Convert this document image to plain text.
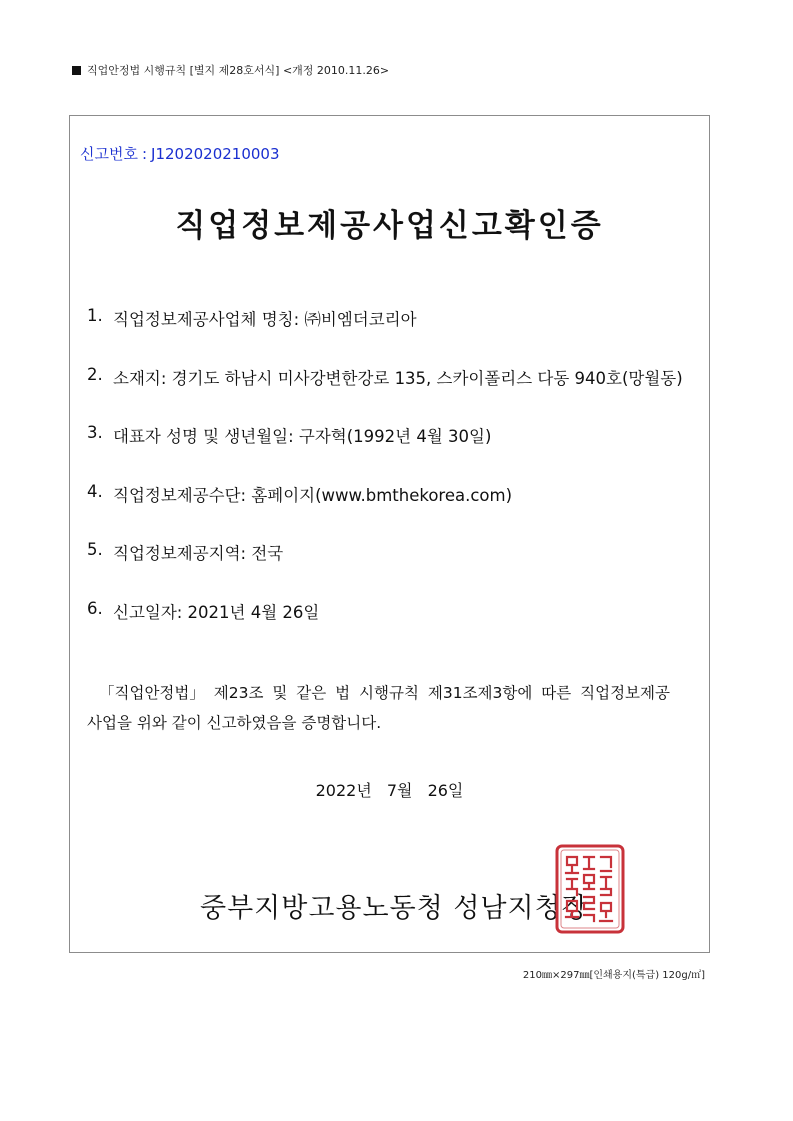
직업안정법 시행규칙 [별지 제28호서식] <개정 2010.11.26>
신고번호 : J1202020210003
직업정보제공사업신고확인증
1. 직업정보제공사업체 명칭: ㈜비엠더코리아
2. 소재지: 경기도 하남시 미사강변한강로 135, 스카이폴리스 다동 940호(망월동)
3. 대표자 성명 및 생년월일: 구자혁(1992년 4월 30일)
4. 직업정보제공수단: 홈페이지(www.bmthekorea.com)
5. 직업정보제공지역: 전국
6. 신고일자: 2021년 4월 26일

「직업안정법」 제23조 및 같은 법 시행규칙 제31조제3항에 따른 직업정보제공

사업을 위와 같이 신고하였음을 증명합니다.

2022년 7월 26일
중부지방고용노동청 성남지청장
210㎜×297㎜[인쇄용지(특급) 120g/㎡]
